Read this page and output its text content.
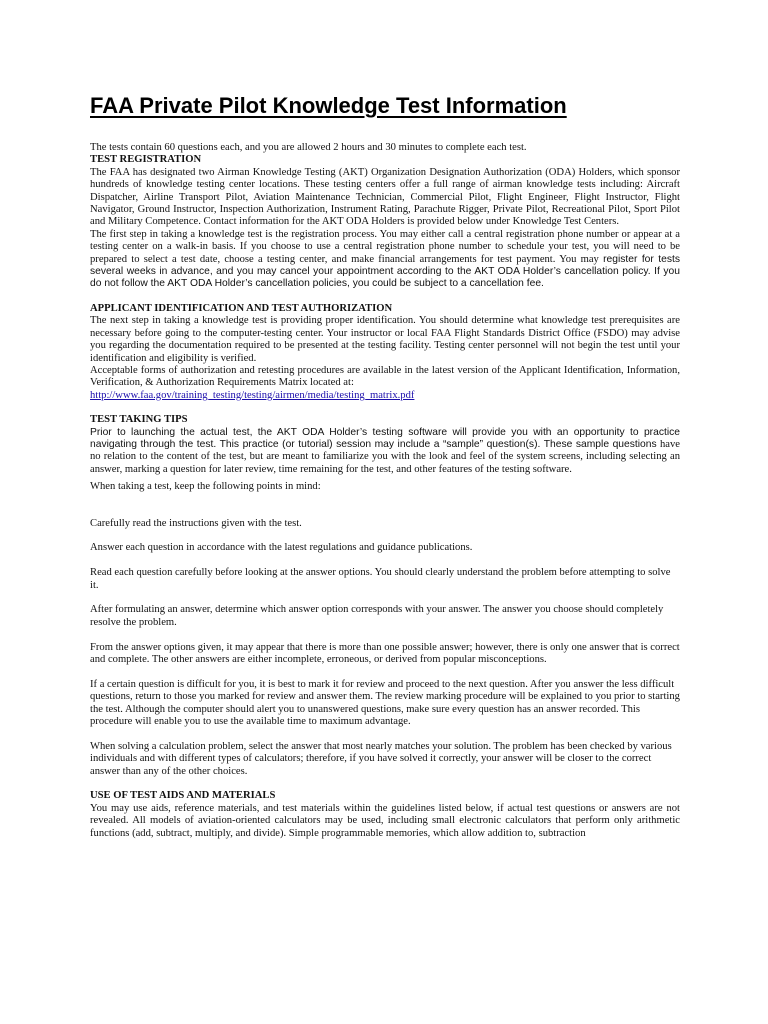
FAA Private Pilot Knowledge Test Information

The tests contain 60 questions each, and you are allowed 2 hours and 30 minutes to complete each test.

TEST REGISTRATION

The FAA has designated two Airman Knowledge Testing (AKT) Organization Designation Authorization (ODA) Holders, which sponsor hundreds of knowledge testing center locations. These testing centers offer a full range of airman knowledge tests including: Aircraft Dispatcher, Airline Transport Pilot, Aviation Maintenance Technician, Commercial Pilot, Flight Engineer, Flight Instructor, Flight Navigator, Ground Instructor, Inspection Authorization, Instrument Rating, Parachute Rigger, Private Pilot, Recreational Pilot, Sport Pilot and Military Competence. Contact information for the AKT ODA Holders is provided below under Knowledge Test Centers.

The first step in taking a knowledge test is the registration process. You may either call a central registration phone number or appear at a testing center on a walk-in basis. If you choose to use a central registration phone number to schedule your test, you will need to be prepared to select a test date, choose a testing center, and make financial arrangements for test payment. You may register for tests several weeks in advance, and you may cancel your appointment according to the AKT ODA Holder’s cancellation policy. If you do not follow the AKT ODA Holder’s cancellation policies, you could be subject to a cancellation fee.

APPLICANT IDENTIFICATION AND TEST AUTHORIZATION

The next step in taking a knowledge test is providing proper identification. You should determine what knowledge test prerequisites are necessary before going to the computer-testing center. Your instructor or local FAA Flight Standards District Office (FSDO) may advise you regarding the documentation required to be presented at the testing facility. Testing center personnel will not begin the test until your identification and eligibility is verified.

Acceptable forms of authorization and retesting procedures are available in the latest version of the Applicant Identification, Information, Verification, & Authorization Requirements Matrix located at:

http://www.faa.gov/training_testing/testing/airmen/media/testing_matrix.pdf

TEST TAKING TIPS

Prior to launching the actual test, the AKT ODA Holder’s testing software will provide you with an opportunity to practice navigating through the test. This practice (or tutorial) session may include a “sample” question(s). These sample questions have no relation to the content of the test, but are meant to familiarize you with the look and feel of the system screens, including selecting an answer, marking a question for later review, time remaining for the test, and other features of the testing software.

When taking a test, keep the following points in mind:

Carefully read the instructions given with the test.

Answer each question in accordance with the latest regulations and guidance publications.

Read each question carefully before looking at the answer options. You should clearly understand the problem before attempting to solve it.

After formulating an answer, determine which answer option corresponds with your answer. The answer you choose should completely resolve the problem.

From the answer options given, it may appear that there is more than one possible answer; however, there is only one answer that is correct and complete. The other answers are either incomplete, erroneous, or derived from popular misconceptions.

If a certain question is difficult for you, it is best to mark it for review and proceed to the next question. After you answer the less difficult questions, return to those you marked for review and answer them. The review marking procedure will be explained to you prior to starting the test. Although the computer should alert you to unanswered questions, make sure every question has an answer recorded. This procedure will enable you to use the available time to maximum advantage.

When solving a calculation problem, select the answer that most nearly matches your solution. The problem has been checked by various individuals and with different types of calculators; therefore, if you have solved it correctly, your answer will be closer to the correct answer than any of the other choices.

USE OF TEST AIDS AND MATERIALS

You may use aids, reference materials, and test materials within the guidelines listed below, if actual test questions or answers are not revealed. All models of aviation-oriented calculators may be used, including small electronic calculators that perform only arithmetic functions (add, subtract, multiply, and divide). Simple programmable memories, which allow addition to, subtraction
